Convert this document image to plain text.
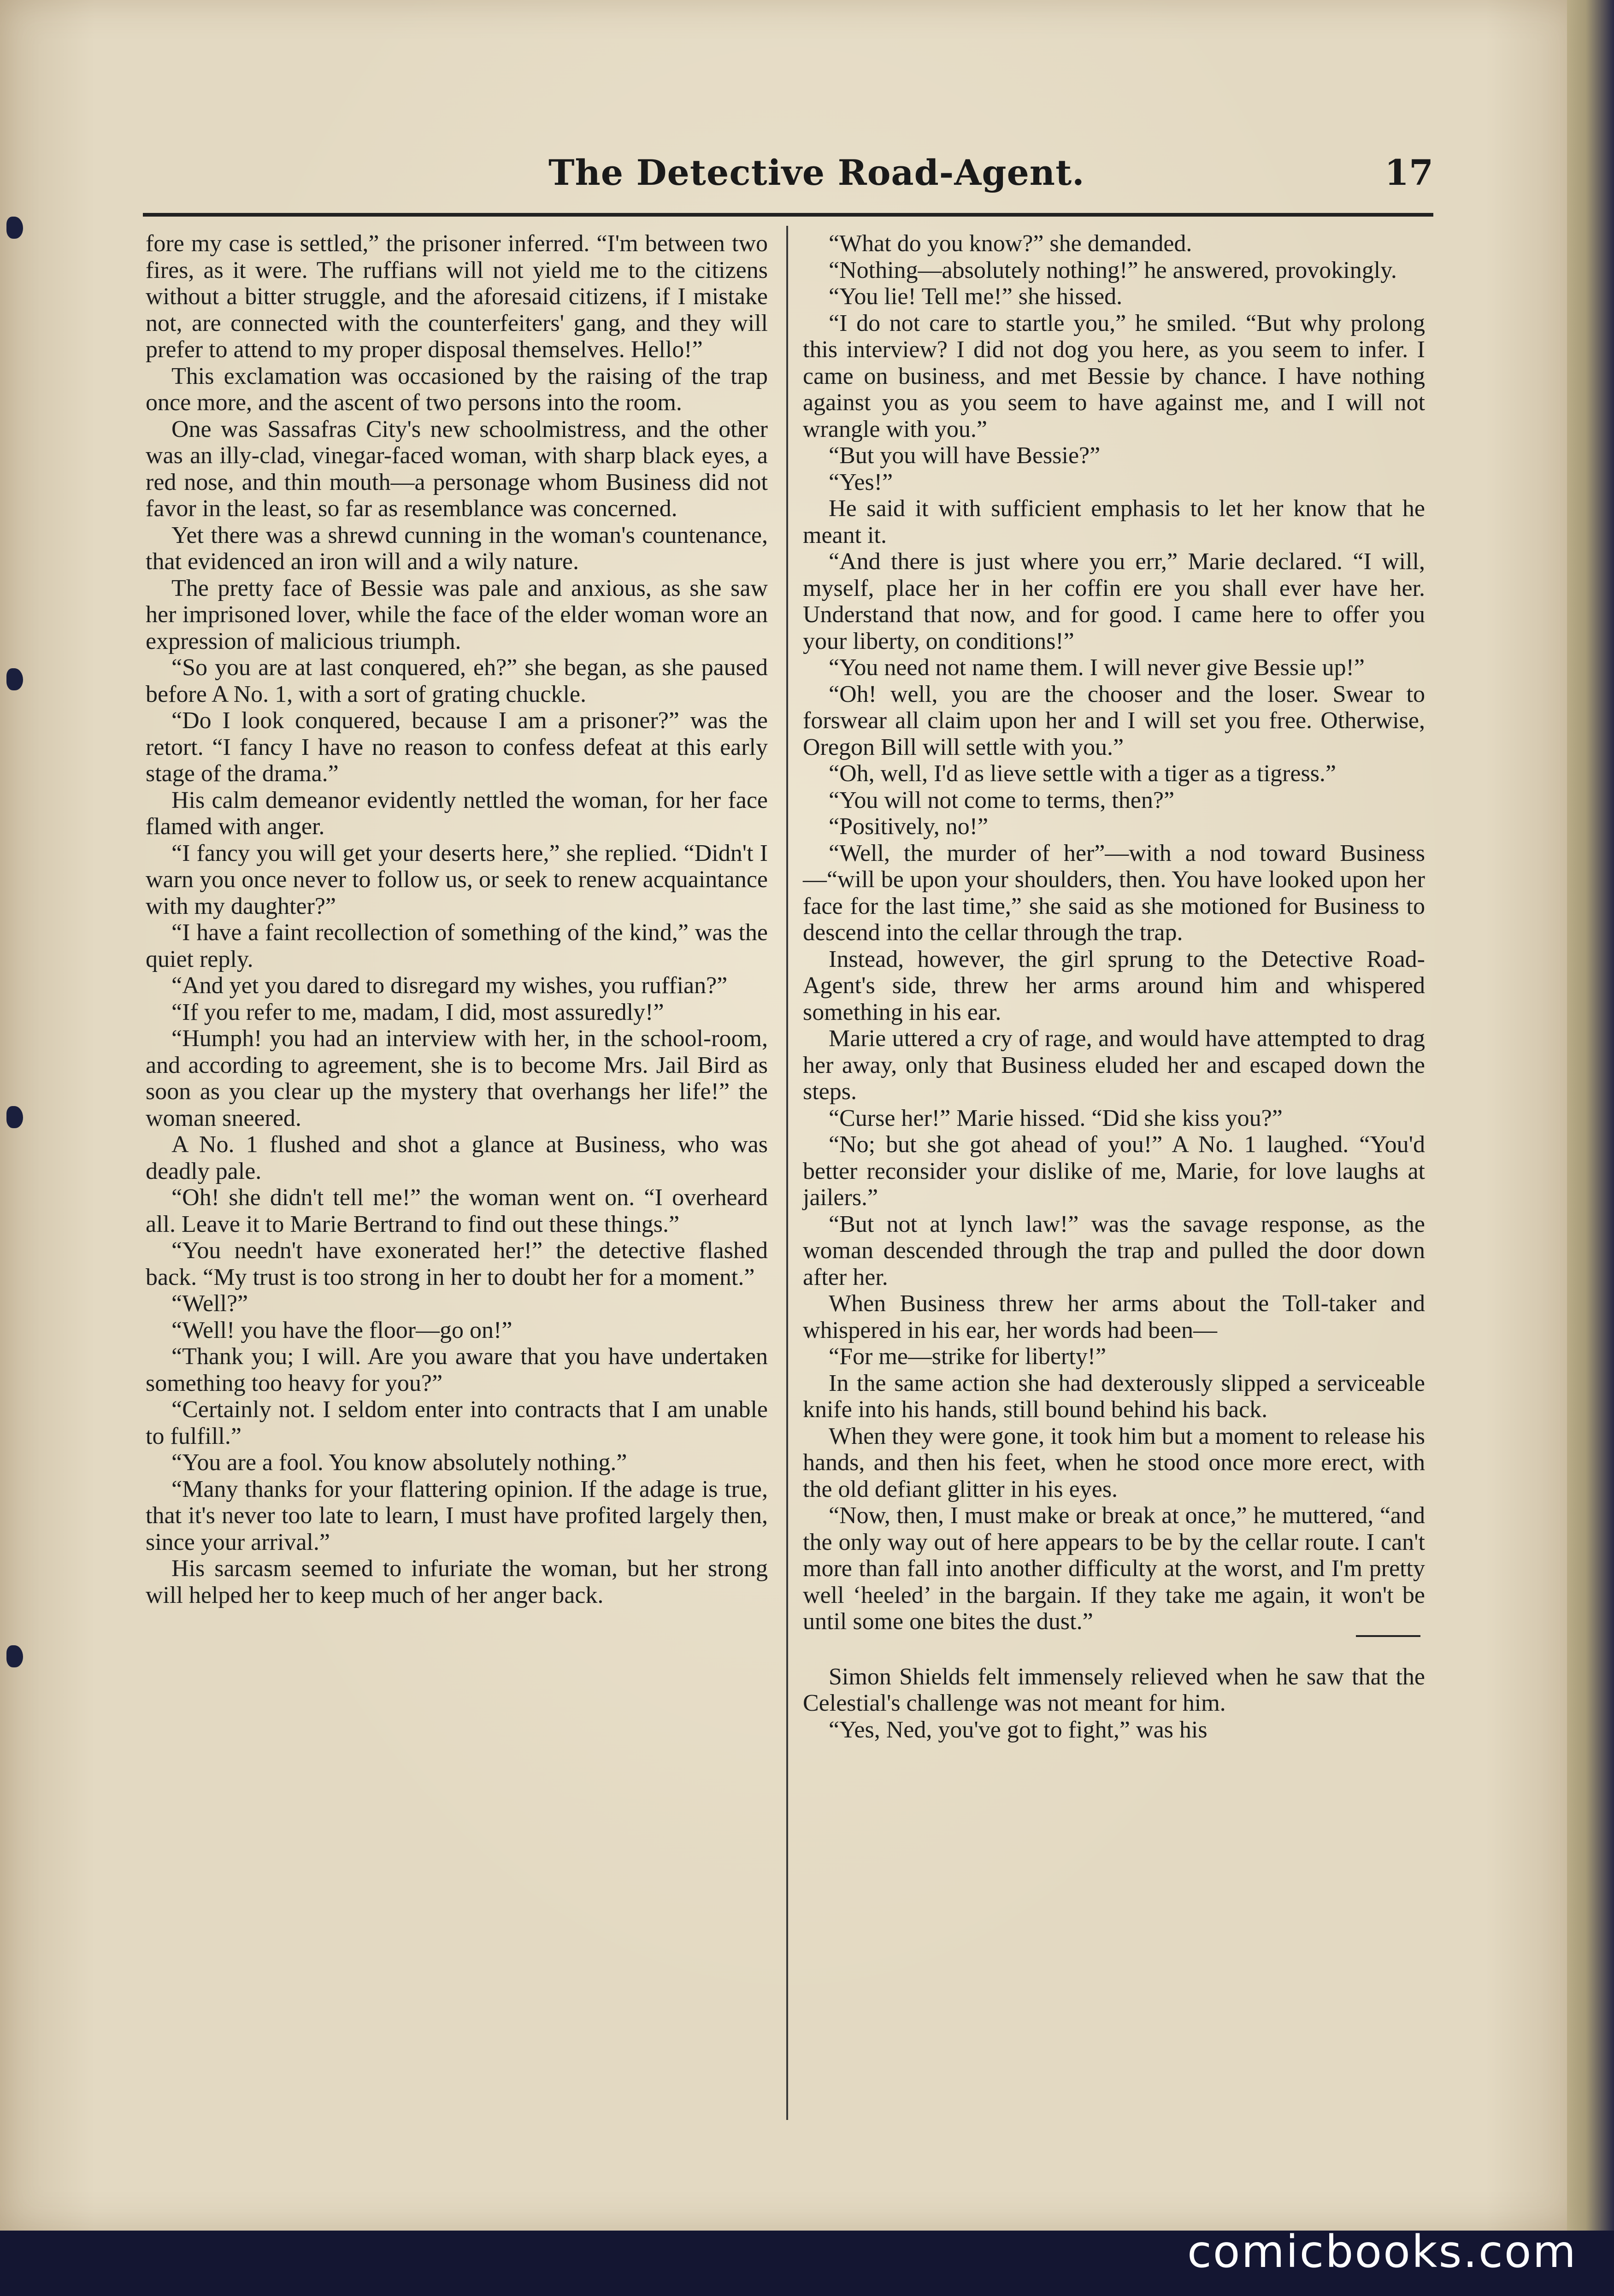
The Detective Road-Agent.	17

fore my case is settled,” the prisoner inferred. “I'm between two fires, as it were. The ruffians will not yield me to the citizens without a bitter struggle, and the aforesaid citizens, if I mistake not, are connected with the counterfeiters' gang, and they will prefer to attend to my proper disposal themselves. Hello!”

This exclamation was occasioned by the raising of the trap once more, and the ascent of two persons into the room.

One was Sassafras City's new schoolmistress, and the other was an illy-clad, vinegar-faced woman, with sharp black eyes, a red nose, and thin mouth—a personage whom Business did not favor in the least, so far as resemblance was concerned.

Yet there was a shrewd cunning in the woman's countenance, that evidenced an iron will and a wily nature.

The pretty face of Bessie was pale and anxious, as she saw her imprisoned lover, while the face of the elder woman wore an expression of malicious triumph.

“So you are at last conquered, eh?” she began, as she paused before A No. 1, with a sort of grating chuckle.

“Do I look conquered, because I am a prisoner?” was the retort. “I fancy I have no reason to confess defeat at this early stage of the drama.”

His calm demeanor evidently nettled the woman, for her face flamed with anger.

“I fancy you will get your deserts here,” she replied. “Didn't I warn you once never to follow us, or seek to renew acquaintance with my daughter?”

“I have a faint recollection of something of the kind,” was the quiet reply.

“And yet you dared to disregard my wishes, you ruffian?”

“If you refer to me, madam, I did, most assuredly!”

“Humph! you had an interview with her, in the school-room, and according to agreement, she is to become Mrs. Jail Bird as soon as you clear up the mystery that overhangs her life!” the woman sneered.

A No. 1 flushed and shot a glance at Business, who was deadly pale.

“Oh! she didn't tell me!” the woman went on. “I overheard all. Leave it to Marie Bertrand to find out these things.”

“You needn't have exonerated her!” the detective flashed back. “My trust is too strong in her to doubt her for a moment.”

“Well?”

“Well! you have the floor—go on!”

“Thank you; I will. Are you aware that you have undertaken something too heavy for you?”

“Certainly not. I seldom enter into contracts that I am unable to fulfill.”

“You are a fool. You know absolutely nothing.”

“Many thanks for your flattering opinion. If the adage is true, that it's never too late to learn, I must have profited largely then, since your arrival.”

His sarcasm seemed to infuriate the woman, but her strong will helped her to keep much of her anger back.

“What do you know?” she demanded.

“Nothing—absolutely nothing!” he answered, provokingly.

“You lie! Tell me!” she hissed.

“I do not care to startle you,” he smiled. “But why prolong this interview? I did not dog you here, as you seem to infer. I came on business, and met Bessie by chance. I have nothing against you as you seem to have against me, and I will not wrangle with you.”

“But you will have Bessie?”

“Yes!”

He said it with sufficient emphasis to let her know that he meant it.

“And there is just where you err,” Marie declared. “I will, myself, place her in her coffin ere you shall ever have her. Understand that now, and for good. I came here to offer you your liberty, on conditions!”

“You need not name them. I will never give Bessie up!”

“Oh! well, you are the chooser and the loser. Swear to forswear all claim upon her and I will set you free. Otherwise, Oregon Bill will settle with you.”

“Oh, well, I'd as lieve settle with a tiger as a tigress.”

“You will not come to terms, then?”

“Positively, no!”

“Well, the murder of her”—with a nod toward Business—“will be upon your shoulders, then. You have looked upon her face for the last time,” she said as she motioned for Business to descend into the cellar through the trap.

Instead, however, the girl sprung to the Detective Road-Agent's side, threw her arms around him and whispered something in his ear.

Marie uttered a cry of rage, and would have attempted to drag her away, only that Business eluded her and escaped down the steps.

“Curse her!” Marie hissed. “Did she kiss you?”

“No; but she got ahead of you!” A No. 1 laughed. “You'd better reconsider your dislike of me, Marie, for love laughs at jailers.”

“But not at lynch law!” was the savage response, as the woman descended through the trap and pulled the door down after her.

When Business threw her arms about the Toll-taker and whispered in his ear, her words had been—

“For me—strike for liberty!”

In the same action she had dexterously slipped a serviceable knife into his hands, still bound behind his back.

When they were gone, it took him but a moment to release his hands, and then his feet, when he stood once more erect, with the old defiant glitter in his eyes.

“Now, then, I must make or break at once,” he muttered, “and the only way out of here appears to be by the cellar route. I can't more than fall into another difficulty at the worst, and I'm pretty well ‘heeled’ in the bargain. If they take me again, it won't be until some one bites the dust.”

Simon Shields felt immensely relieved when he saw that the Celestial's challenge was not meant for him.

“Yes, Ned, you've got to fight,” was his

comicbooks.com
